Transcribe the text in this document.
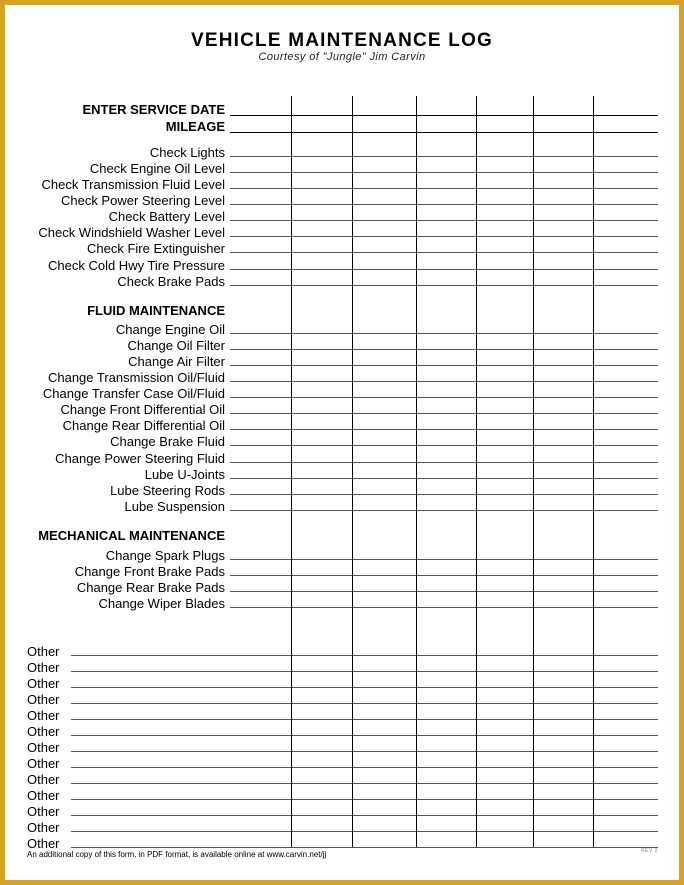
VEHICLE MAINTENANCE LOG
Courtesy of "Jungle" Jim Carvin
ENTER SERVICE DATE
MILEAGE
Check Lights
Check Engine Oil Level
Check Transmission Fluid Level
Check Power Steering Level
Check Battery Level
Check Windshield Washer Level
Check Fire Extinguisher
Check Cold Hwy Tire Pressure
Check Brake Pads
FLUID MAINTENANCE
Change Engine Oil
Change Oil Filter
Change Air Filter
Change Transmission Oil/Fluid
Change Transfer Case Oil/Fluid
Change Front Differential Oil
Change Rear Differential Oil
Change Brake Fluid
Change Power Steering Fluid
Lube U-Joints
Lube Steering Rods
Lube Suspension
MECHANICAL MAINTENANCE
Change Spark Plugs
Change Front Brake Pads
Change Rear Brake Pads
Change Wiper Blades
Other
Other
Other
Other
Other
Other
Other
Other
Other
Other
Other
Other
Other
An additional copy of this form, in PDF format, is available online at www.carvin.net/jj	REV 2
